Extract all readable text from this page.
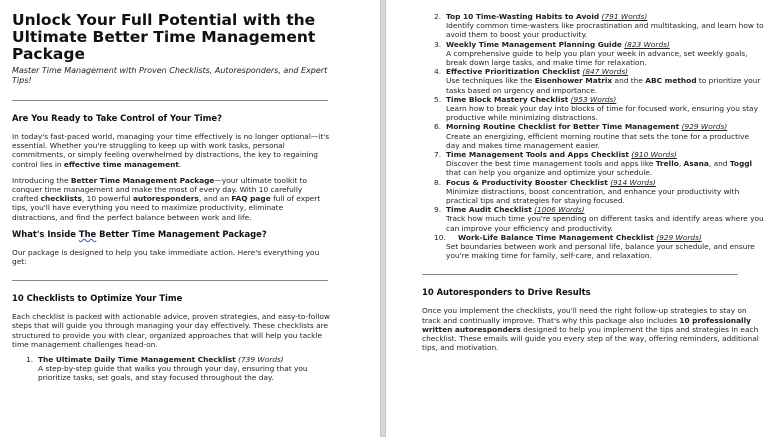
Unlock Your Full Potential with the Ultimate Better Time Management Package

Master Time Management with Proven Checklists, Autoresponders, and Expert Tips!

Are You Ready to Take Control of Your Time?

In today's fast-paced world, managing your time effectively is no longer optional—it's essential. Whether you're struggling to keep up with work tasks, personal commitments, or simply feeling overwhelmed by distractions, the key to regaining control lies in effective time management.

Introducing the Better Time Management Package—your ultimate toolkit to conquer time management and make the most of every day. With 10 carefully crafted checklists, 10 powerful autoresponders, and an FAQ page full of expert tips, you'll have everything you need to maximize productivity, eliminate distractions, and find the perfect balance between work and life.

What's Inside The Better Time Management Package?

Our package is designed to help you take immediate action. Here's everything you get:

10 Checklists to Optimize Your Time

Each checklist is packed with actionable advice, proven strategies, and easy-to-follow steps that will guide you through managing your day effectively. These checklists are structured to provide you with clear, organized approaches that will help you tackle time management challenges head-on.

1. The Ultimate Daily Time Management Checklist (739 Words)
A step-by-step guide that walks you through your day, ensuring that you prioritize tasks, set goals, and stay focused throughout the day.
2. Top 10 Time-Wasting Habits to Avoid (791 Words)
Identify common time-wasters like procrastination and multitasking, and learn how to avoid them to boost your productivity.
3. Weekly Time Management Planning Guide (823 Words)
A comprehensive guide to help you plan your week in advance, set weekly goals, break down large tasks, and make time for relaxation.
4. Effective Prioritization Checklist (847 Words)
Use techniques like the Eisenhower Matrix and the ABC method to prioritize your tasks based on urgency and importance.
5. Time Block Mastery Checklist (953 Words)
Learn how to break your day into blocks of time for focused work, ensuring you stay productive while minimizing distractions.
6. Morning Routine Checklist for Better Time Management (929 Words)
Create an energizing, efficient morning routine that sets the tone for a productive day and makes time management easier.
7. Time Management Tools and Apps Checklist (910 Words)
Discover the best time management tools and apps like Trello, Asana, and Toggl that can help you organize and optimize your schedule.
8. Focus & Productivity Booster Checklist (914 Words)
Minimize distractions, boost concentration, and enhance your productivity with practical tips and strategies for staying focused.
9. Time Audit Checklist (1006 Words)
Track how much time you're spending on different tasks and identify areas where you can improve your efficiency and productivity.
10. Work-Life Balance Time Management Checklist (929 Words)
Set boundaries between work and personal life, balance your schedule, and ensure you're making time for family, self-care, and relaxation.
10 Autoresponders to Drive Results

Once you implement the checklists, you'll need the right follow-up strategies to stay on track and continually improve. That's why this package also includes 10 professionally written autoresponders designed to help you implement the tips and strategies in each checklist. These emails will guide you every step of the way, offering reminders, additional tips, and motivation.
